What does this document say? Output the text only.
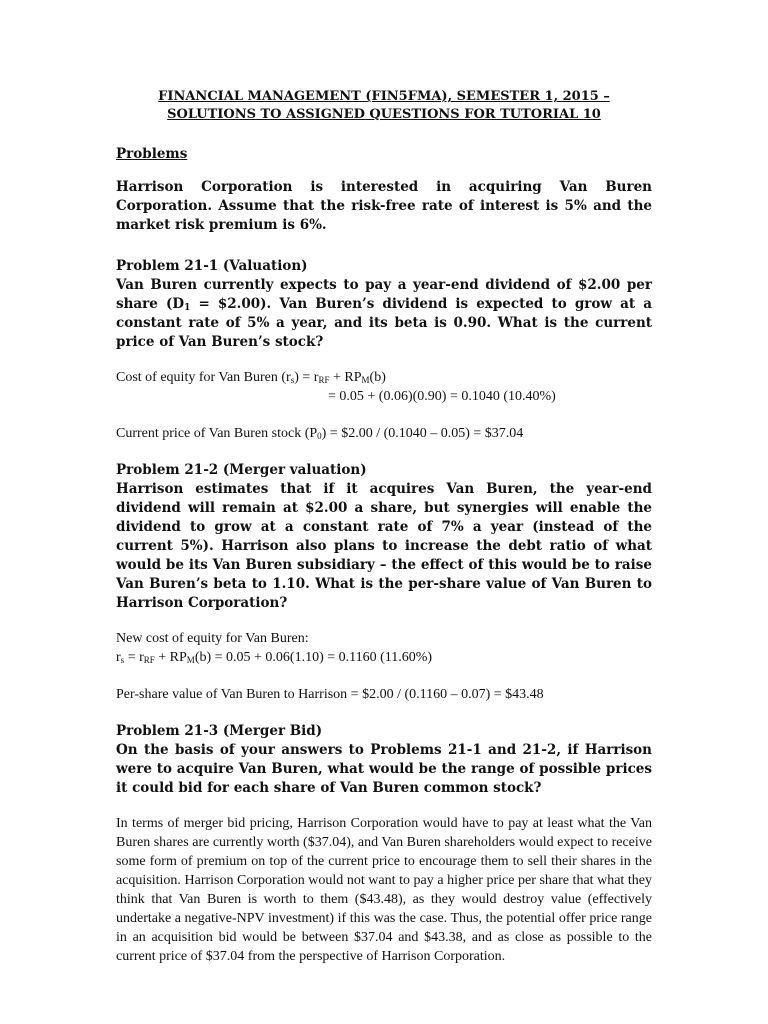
FINANCIAL MANAGEMENT (FIN5FMA), SEMESTER 1, 2015 –
SOLUTIONS TO ASSIGNED QUESTIONS FOR TUTORIAL 10
Problems

Harrison Corporation is interested in acquiring Van Buren Corporation. Assume that the risk-free rate of interest is 5% and the market risk premium is 6%.

Problem 21-1 (Valuation)

Van Buren currently expects to pay a year-end dividend of $2.00 per share ($D_1$ = $2.00). Van Buren’s dividend is expected to grow at a constant rate of 5% a year, and its beta is 0.90. What is the current price of Van Buren’s stock?

Cost of equity for Van Buren $(r_s) = r_{RF} + RP_M(b)$

= 0.05 + (0.06)(0.90) = 0.1040 (10.40%)

Current price of Van Buren stock $(P_0)$ = $2.00 / (0.1040 – 0.05) = $37.04

Problem 21-2 (Merger valuation)

Harrison estimates that if it acquires Van Buren, the year-end dividend will remain at $2.00 a share, but synergies will enable the dividend to grow at a constant rate of 7% a year (instead of the current 5%). Harrison also plans to increase the debt ratio of what would be its Van Buren subsidiary – the effect of this would be to raise Van Buren’s beta to 1.10. What is the per-share value of Van Buren to Harrison Corporation?

New cost of equity for Van Buren:

$r_s = r_{RF} + RP_M(b) = 0.05 + 0.06(1.10) = 0.1160$ (11.60%)

Per-share value of Van Buren to Harrison = $2.00 / (0.1160 – 0.07) = $43.48

Problem 21-3 (Merger Bid)

On the basis of your answers to Problems 21-1 and 21-2, if Harrison were to acquire Van Buren, what would be the range of possible prices it could bid for each share of Van Buren common stock?

In terms of merger bid pricing, Harrison Corporation would have to pay at least what the Van Buren shares are currently worth ($37.04), and Van Buren shareholders would expect to receive some form of premium on top of the current price to encourage them to sell their shares in the acquisition. Harrison Corporation would not want to pay a higher price per share that what they think that Van Buren is worth to them ($43.48), as they would destroy value (effectively undertake a negative-NPV investment) if this was the case. Thus, the potential offer price range in an acquisition bid would be between $37.04 and $43.38, and as close as possible to the current price of $37.04 from the perspective of Harrison Corporation.
